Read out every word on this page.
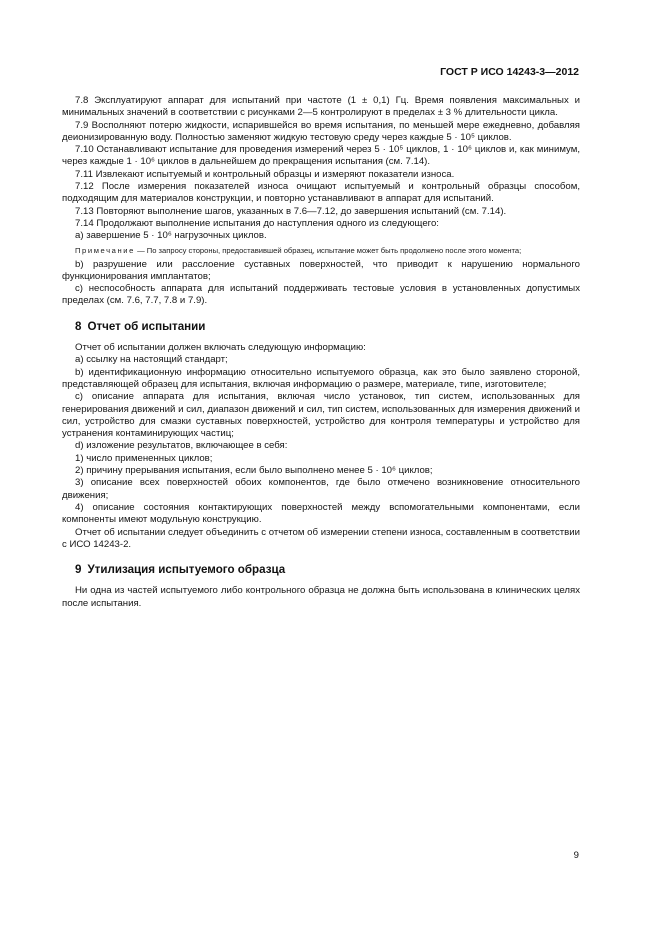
ГОСТ Р ИСО 14243-3—2012

7.8 Эксплуатируют аппарат для испытаний при частоте (1 ± 0,1) Гц. Время появления максимальных и минимальных значений в соответствии с рисунками 2—5 контролируют в пределах ± 3 % длительности цикла.

7.9 Восполняют потерю жидкости, испарившейся во время испытания, по меньшей мере ежедневно, добавляя деионизированную воду. Полностью заменяют жидкую тестовую среду через каждые 5 · 10⁵ циклов.

7.10 Останавливают испытание для проведения измерений через 5 · 10⁵ циклов, 1 · 10⁶ циклов и, как минимум, через каждые 1 · 10⁶ циклов в дальнейшем до прекращения испытания (см. 7.14).

7.11 Извлекают испытуемый и контрольный образцы и измеряют показатели износа.

7.12 После измерения показателей износа очищают испытуемый и контрольный образцы способом, подходящим для материалов конструкции, и повторно устанавливают в аппарат для испытаний.

7.13 Повторяют выполнение шагов, указанных в 7.6—7.12, до завершения испытаний (см. 7.14).

7.14 Продолжают выполнение испытания до наступления одного из следующего:

а) завершение 5 · 10⁶ нагрузочных циклов.

Примечание — По запросу стороны, предоставившей образец, испытание может быть продолжено после этого момента;

b) разрушение или расслоение суставных поверхностей, что приводит к нарушению нормального функционирования имплантатов;

с) неспособность аппарата для испытаний поддерживать тестовые условия в установленных допустимых пределах (см. 7.6, 7.7, 7.8 и 7.9).

8 Отчет об испытании

Отчет об испытании должен включать следующую информацию:

а) ссылку на настоящий стандарт;

b) идентификационную информацию относительно испытуемого образца, как это было заявлено стороной, представляющей образец для испытания, включая информацию о размере, материале, типе, изготовителе;

с) описание аппарата для испытания, включая число установок, тип систем, использованных для генерирования движений и сил, диапазон движений и сил, тип систем, использованных для измерения движений и сил, устройство для смазки суставных поверхностей, устройство для контроля температуры и устройство для устранения контаминирующих частиц;

d) изложение результатов, включающее в себя:

1) число примененных циклов;

2) причину прерывания испытания, если было выполнено менее 5 · 10⁶ циклов;

3) описание всех поверхностей обоих компонентов, где было отмечено возникновение относительного движения;

4) описание состояния контактирующих поверхностей между вспомогательными компонентами, если компоненты имеют модульную конструкцию.

Отчет об испытании следует объединить с отчетом об измерении степени износа, составленным в соответствии с ИСО 14243-2.

9 Утилизация испытуемого образца

Ни одна из частей испытуемого либо контрольного образца не должна быть использована в клинических целях после испытания.

9
